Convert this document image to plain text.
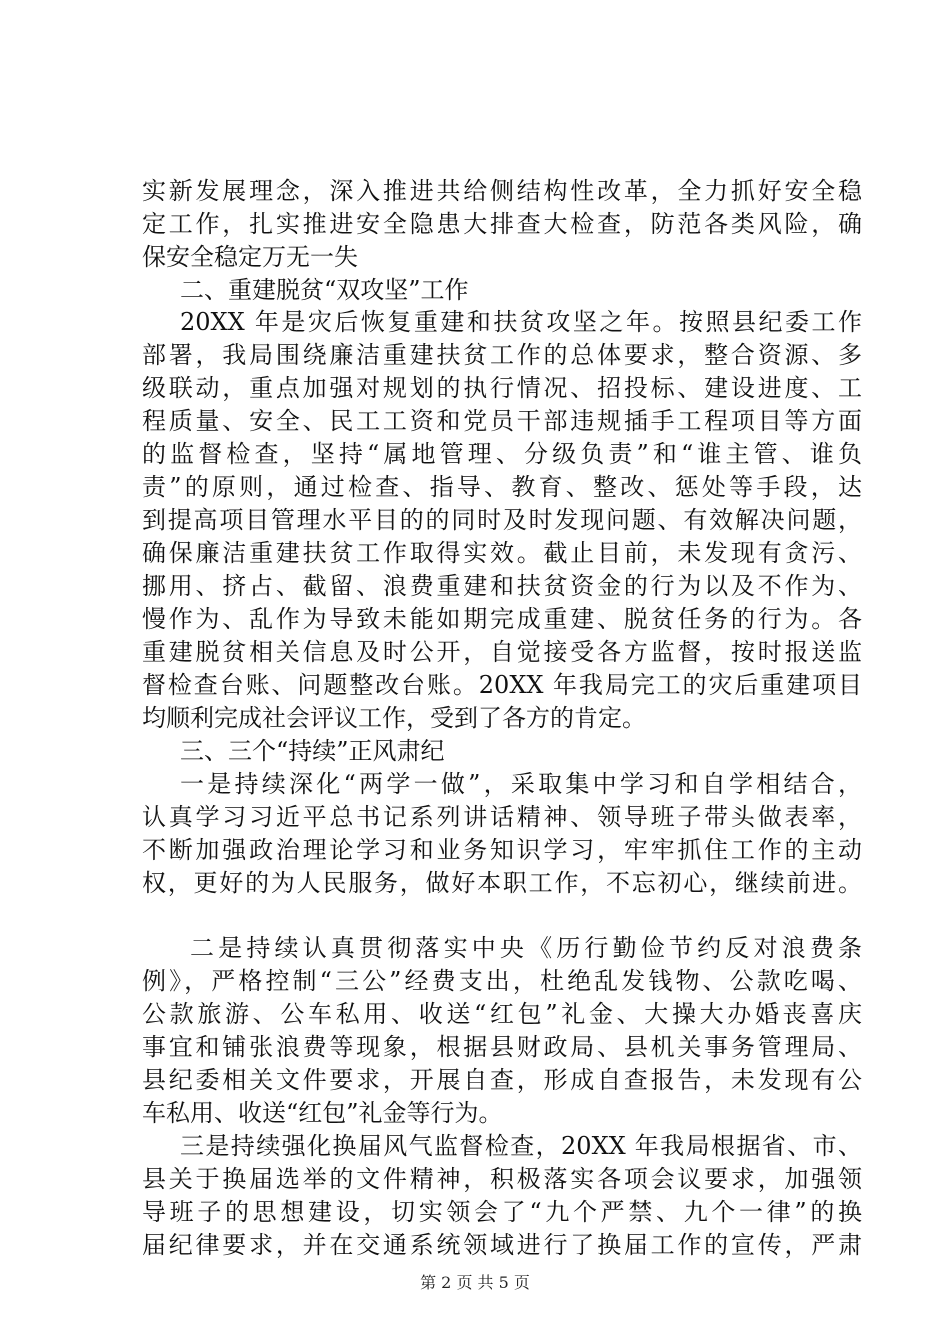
实新发展理念，深入推进共给侧结构性改革，全力抓好安全稳
定工作，扎实推进安全隐患大排查大检查，防范各类风险，确
保安全稳定万无一失
二、重建脱贫“双攻坚”工作
20XX 年是灾后恢复重建和扶贫攻坚之年。按照县纪委工作
部署，我局围绕廉洁重建扶贫工作的总体要求，整合资源、多
级联动，重点加强对规划的执行情况、招投标、建设进度、工
程质量、安全、民工工资和党员干部违规插手工程项目等方面
的监督检查，坚持“属地管理、分级负责”和“谁主管、谁负
责”的原则，通过检查、指导、教育、整改、惩处等手段，达
到提高项目管理水平目的的同时及时发现问题、有效解决问题，
确保廉洁重建扶贫工作取得实效。截止目前，未发现有贪污、
挪用、挤占、截留、浪费重建和扶贫资金的行为以及不作为、
慢作为、乱作为导致未能如期完成重建、脱贫任务的行为。各
重建脱贫相关信息及时公开，自觉接受各方监督，按时报送监
督检查台账、问题整改台账。20XX 年我局完工的灾后重建项目
均顺利完成社会评议工作，受到了各方的肯定。
三、三个“持续”正风肃纪
一是持续深化“两学一做”，采取集中学习和自学相结合，
认真学习习近平总书记系列讲话精神、领导班子带头做表率，
不断加强政治理论学习和业务知识学习，牢牢抓住工作的主动
权，更好的为人民服务，做好本职工作，不忘初心，继续前进。
二是持续认真贯彻落实中央《历行勤俭节约反对浪费条
例》，严格控制“三公”经费支出，杜绝乱发钱物、公款吃喝、
公款旅游、公车私用、收送“红包”礼金、大操大办婚丧喜庆
事宜和铺张浪费等现象，根据县财政局、县机关事务管理局、
县纪委相关文件要求，开展自查，形成自查报告，未发现有公
车私用、收送“红包”礼金等行为。
三是持续强化换届风气监督检查，20XX 年我局根据省、市、
县关于换届选举的文件精神，积极落实各项会议要求，加强领
导班子的思想建设，切实领会了“九个严禁、九个一律”的换
届纪律要求，并在交通系统领域进行了换届工作的宣传，严肃
第 2 页 共 5 页
